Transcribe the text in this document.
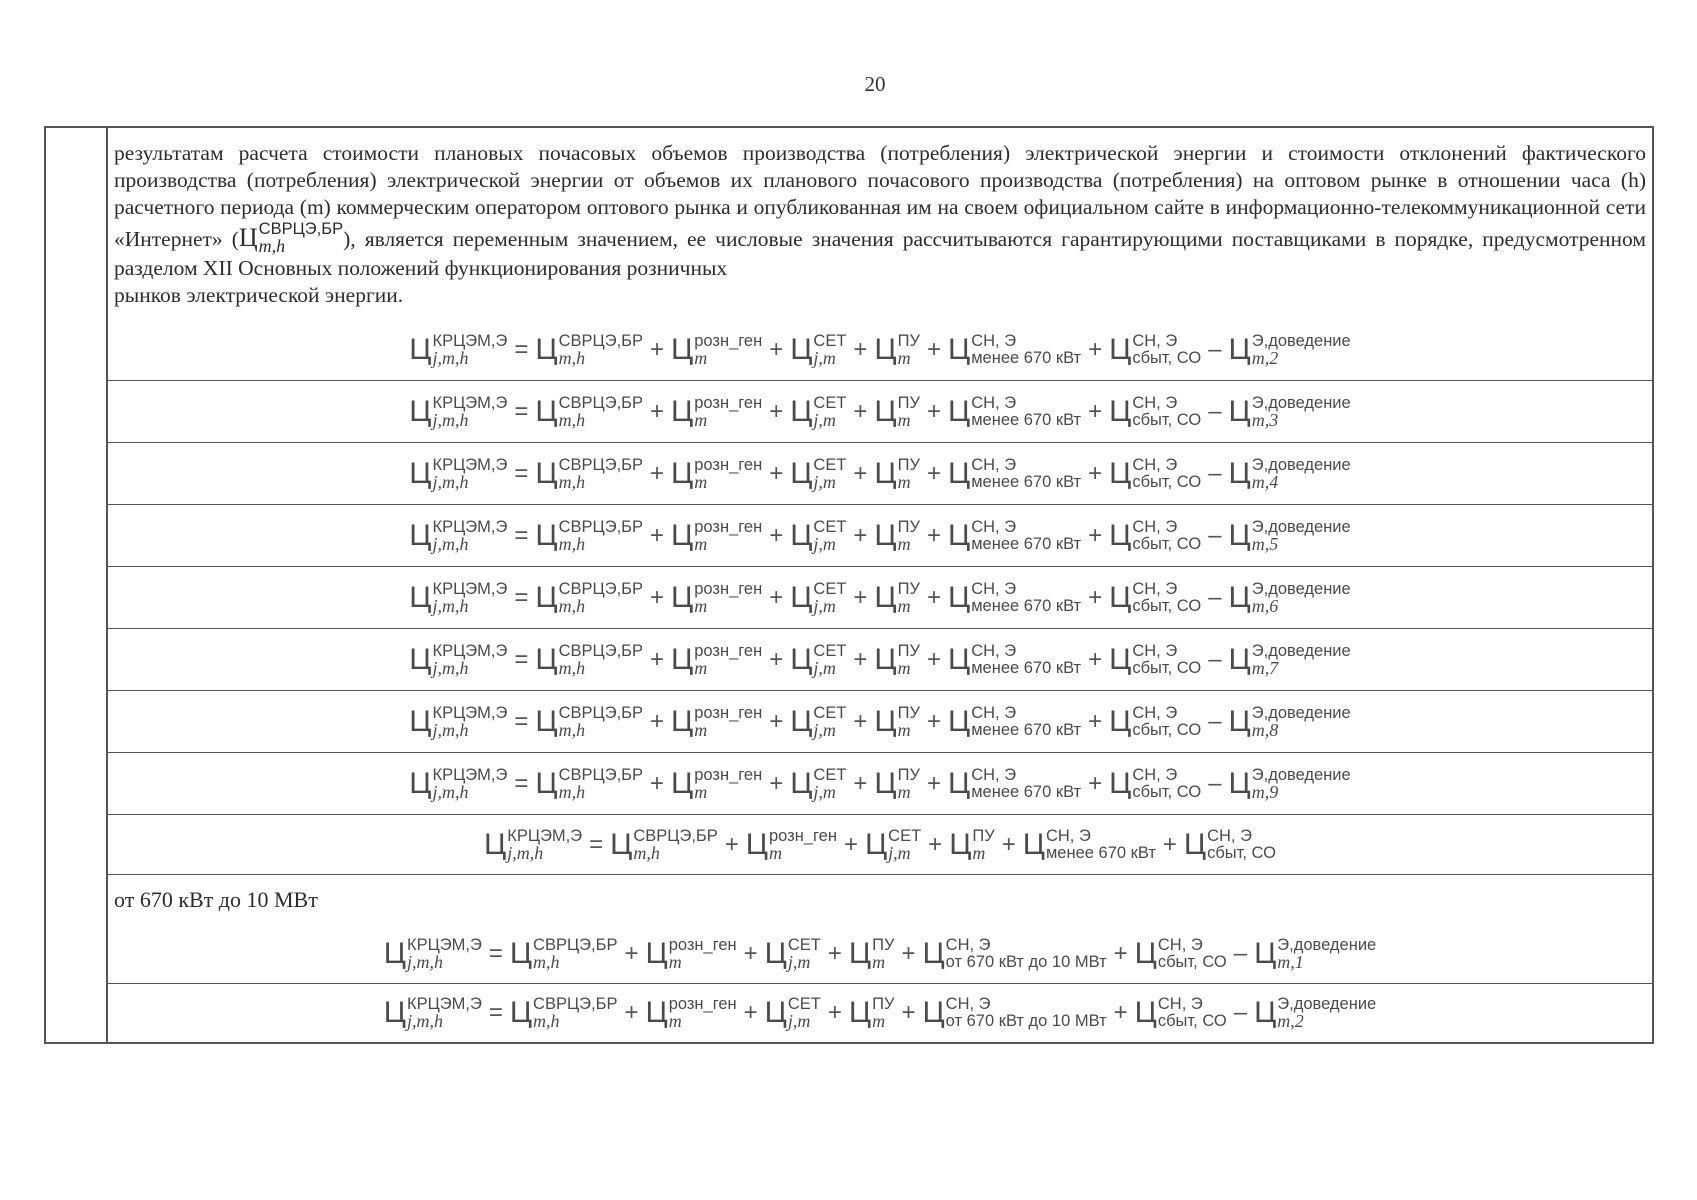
20
результатам расчета стоимости плановых почасовых объемов производства (потребления) электрической энергии и стоимости отклонений фактического производства (потребления) электрической энергии от объемов их планового почасового производства (потребления) на оптовом рынке в отношении часа (h) расчетного периода (m) коммерческим оператором оптового рынка и опубликованная им на своем официальном сайте в информационно-телекоммуникационной сети «Интернет» ( Ц СВРЦЭ,БР
m,h	), является переменным значением, ее числовые значения рассчитываются гарантирующими поставщиками в порядке, предусмотренном разделом XII Основных положений функционирования розничных
рынков электрической энергии.
Ц КРЦЭМ,Э
j,m,h	= Ц СВРЦЭ,БР
m,h	+ Ц розн_ген
m	+ Ц СЕТ
j,m + Ц ПУ
m + Ц СН, Э
менее 670 кВт + Ц СН, Э
сбыт, СО – Ц Э,доведение
m,2
Ц КРЦЭМ,Э
j,m,h	= Ц СВРЦЭ,БР
m,h	+ Ц розн_ген
m	+ Ц СЕТ
j,m + Ц ПУ
m + Ц СН, Э
менее 670 кВт + Ц СН, Э
сбыт, СО – Ц Э,доведение
m,3
Ц КРЦЭМ,Э
j,m,h	= Ц СВРЦЭ,БР
m,h	+ Ц розн_ген
m	+ Ц СЕТ
j,m + Ц ПУ
m + Ц СН, Э
менее 670 кВт + Ц СН, Э
сбыт, СО – Ц Э,доведение
m,4
Ц КРЦЭМ,Э
j,m,h	= Ц СВРЦЭ,БР
m,h	+ Ц розн_ген
m	+ Ц СЕТ
j,m + Ц ПУ
m + Ц СН, Э
менее 670 кВт + Ц СН, Э
сбыт, СО – Ц Э,доведение
m,5
Ц КРЦЭМ,Э
j,m,h	= Ц СВРЦЭ,БР
m,h	+ Ц розн_ген
m	+ Ц СЕТ
j,m + Ц ПУ
m + Ц СН, Э
менее 670 кВт + Ц СН, Э
сбыт, СО – Ц Э,доведение
m,6
Ц КРЦЭМ,Э
j,m,h	= Ц СВРЦЭ,БР
m,h	+ Ц розн_ген
m	+ Ц СЕТ
j,m + Ц ПУ
m + Ц СН, Э
менее 670 кВт + Ц СН, Э
сбыт, СО – Ц Э,доведение
m,7
Ц КРЦЭМ,Э
j,m,h	= Ц СВРЦЭ,БР
m,h	+ Ц розн_ген
m	+ Ц СЕТ
j,m + Ц ПУ
m + Ц СН, Э
менее 670 кВт + Ц СН, Э
сбыт, СО – Ц Э,доведение
m,8
Ц КРЦЭМ,Э
j,m,h	= Ц СВРЦЭ,БР
m,h	+ Ц розн_ген
m	+ Ц СЕТ
j,m + Ц ПУ
m + Ц СН, Э
менее 670 кВт + Ц СН, Э
сбыт, СО – Ц Э,доведение
m,9
Ц КРЦЭМ,Э
j,m,h	= Ц СВРЦЭ,БР
m,h	+ Ц розн_ген
m	+ Ц СЕТ
j,m + Ц ПУ
m + Ц СН, Э
менее 670 кВт + Ц СН, Э
сбыт, СО
от 670 кВт до 10 МВт
Ц КРЦЭМ,Э
j,m,h	= Ц СВРЦЭ,БР
m,h	+ Ц розн_ген
m	+ Ц СЕТ
j,m + Ц ПУ
m + Ц СН, Э
от 670 кВт до 10 МВт + Ц СН, Э
сбыт, СО – Ц Э,доведение
m,1
Ц КРЦЭМ,Э
j,m,h	= Ц СВРЦЭ,БР
m,h	+ Ц розн_ген
m	+ Ц СЕТ
j,m + Ц ПУ
m + Ц СН, Э
от 670 кВт до 10 МВт + Ц СН, Э
сбыт, СО – Ц Э,доведение
m,2
